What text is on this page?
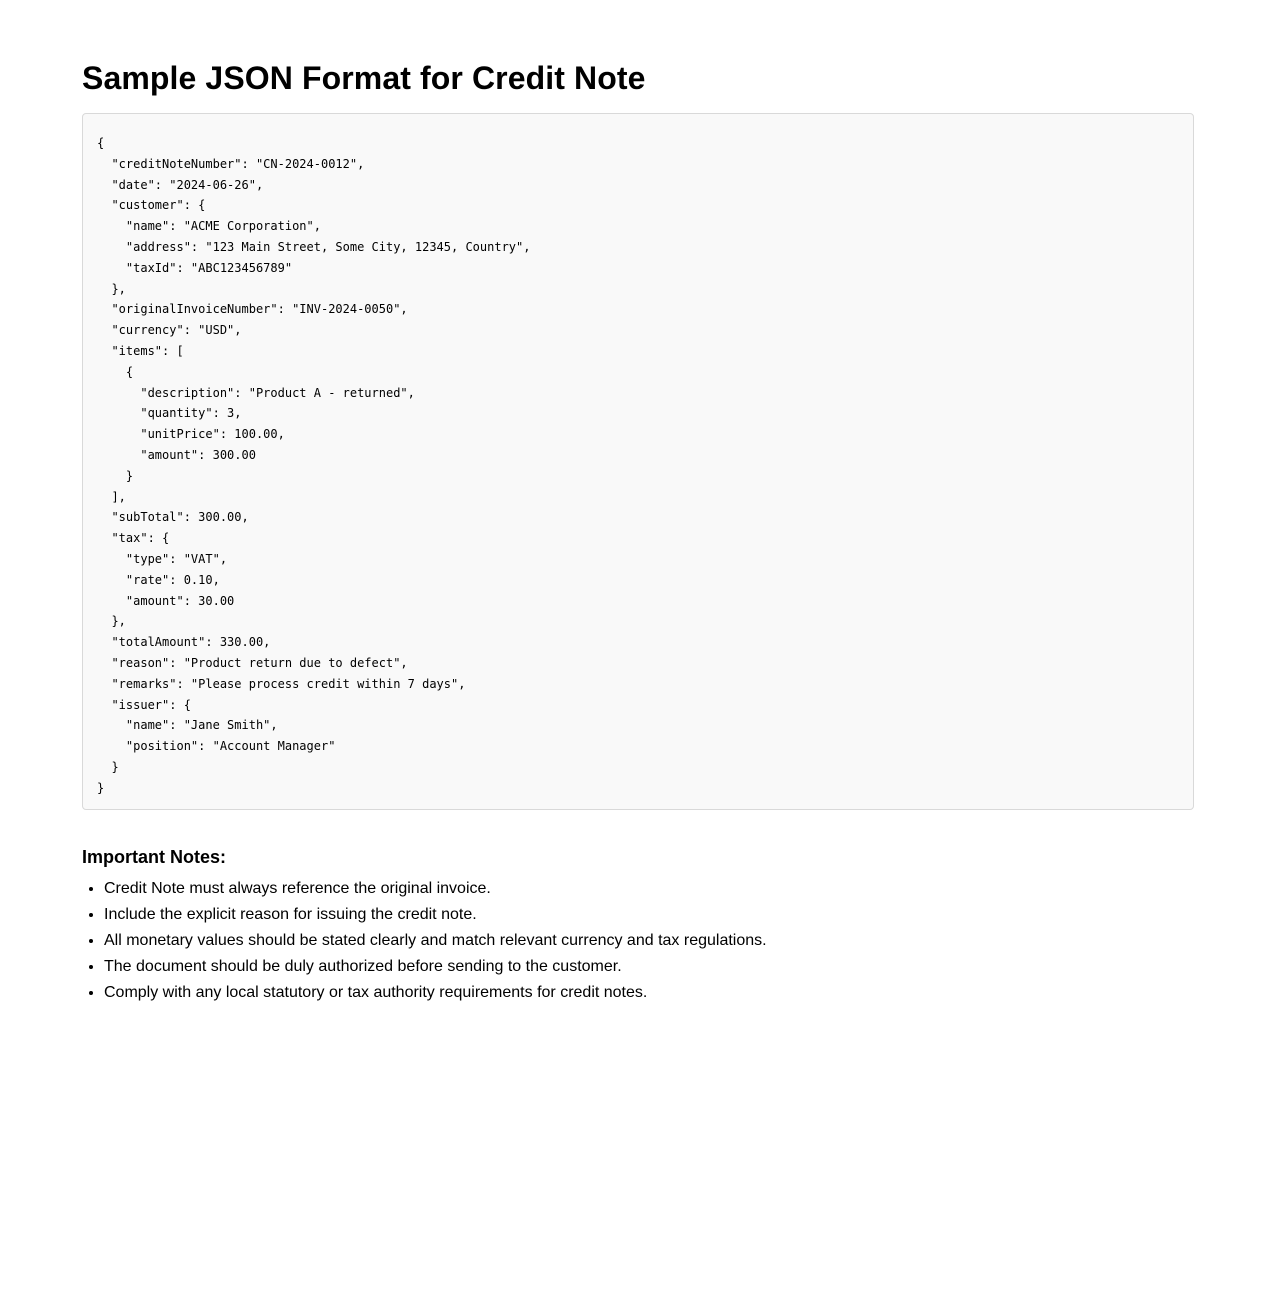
Sample JSON Format for Credit Note
{
"creditNoteNumber": "CN-2024-0012",
"date": "2024-06-26",
"customer": {
"name": "ACME Corporation",
"address": "123 Main Street, Some City, 12345, Country",
"taxId": "ABC123456789"
},
"originalInvoiceNumber": "INV-2024-0050",
"currency": "USD",
"items": [
{
"description": "Product A - returned",
"quantity": 3,
"unitPrice": 100.00,
"amount": 300.00
}
],
"subTotal": 300.00,
"tax": {
"type": "VAT",
"rate": 0.10,
"amount": 30.00
},
"totalAmount": 330.00,
"reason": "Product return due to defect",
"remarks": "Please process credit within 7 days",
"issuer": {
"name": "Jane Smith",
"position": "Account Manager"
}
}
Important Notes:
• Credit Note must always reference the original invoice.
• Include the explicit reason for issuing the credit note.
• All monetary values should be stated clearly and match relevant currency and tax regulations.
• The document should be duly authorized before sending to the customer.
• Comply with any local statutory or tax authority requirements for credit notes.
